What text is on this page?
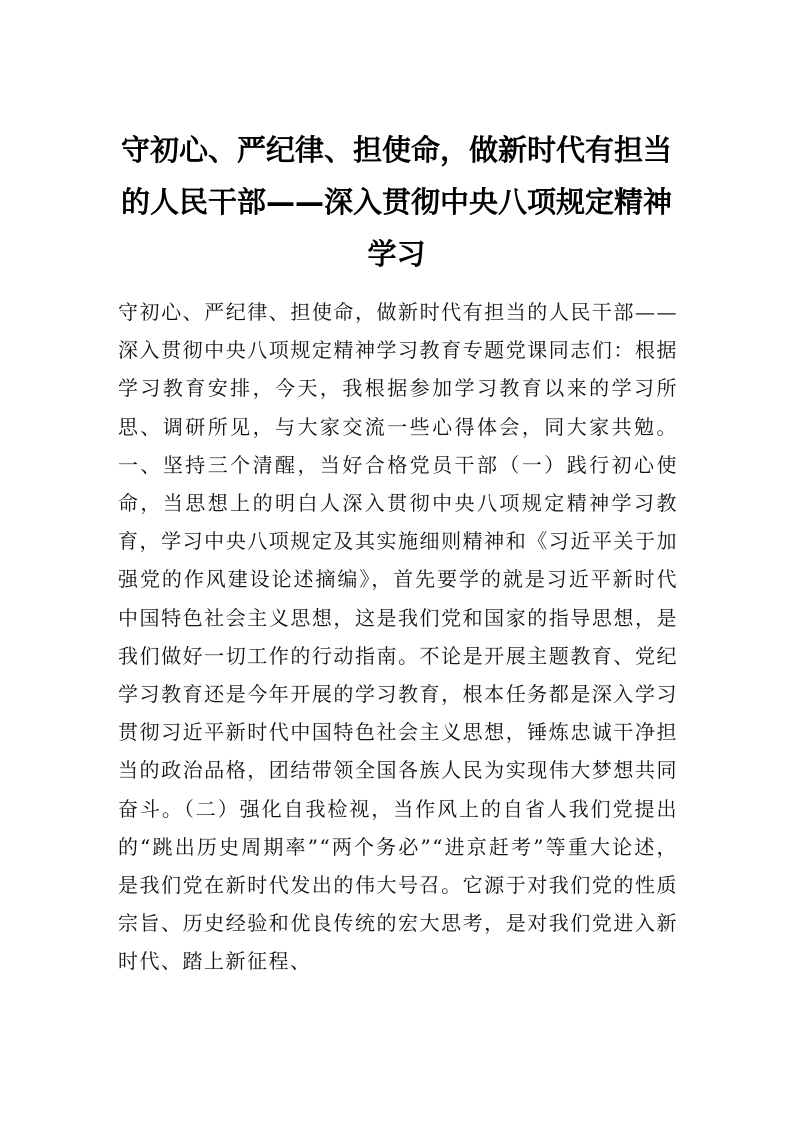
守初心、严纪律、担使命，做新时代有担当的人民干部——深入贯彻中央八项规定精神学习

守初心、严纪律、担使命，做新时代有担当的人民干部——深入贯彻中央八项规定精神学习教育专题党课同志们：根据学习教育安排，今天，我根据参加学习教育以来的学习所思、调研所见，与大家交流一些心得体会，同大家共勉。一、坚持三个清醒，当好合格党员干部（一）践行初心使命，当思想上的明白人深入贯彻中央八项规定精神学习教育，学习中央八项规定及其实施细则精神和《习近平关于加强党的作风建设论述摘编》，首先要学的就是习近平新时代中国特色社会主义思想，这是我们党和国家的指导思想，是我们做好一切工作的行动指南。不论是开展主题教育、党纪学习教育还是今年开展的学习教育，根本任务都是深入学习贯彻习近平新时代中国特色社会主义思想，锤炼忠诚干净担当的政治品格，团结带领全国各族人民为实现伟大梦想共同奋斗。（二）强化自我检视，当作风上的自省人我们党提出的“跳出历史周期率”“两个务必”“进京赶考”等重大论述，是我们党在新时代发出的伟大号召。它源于对我们党的性质宗旨、历史经验和优良传统的宏大思考，是对我们党进入新时代、踏上新征程、
